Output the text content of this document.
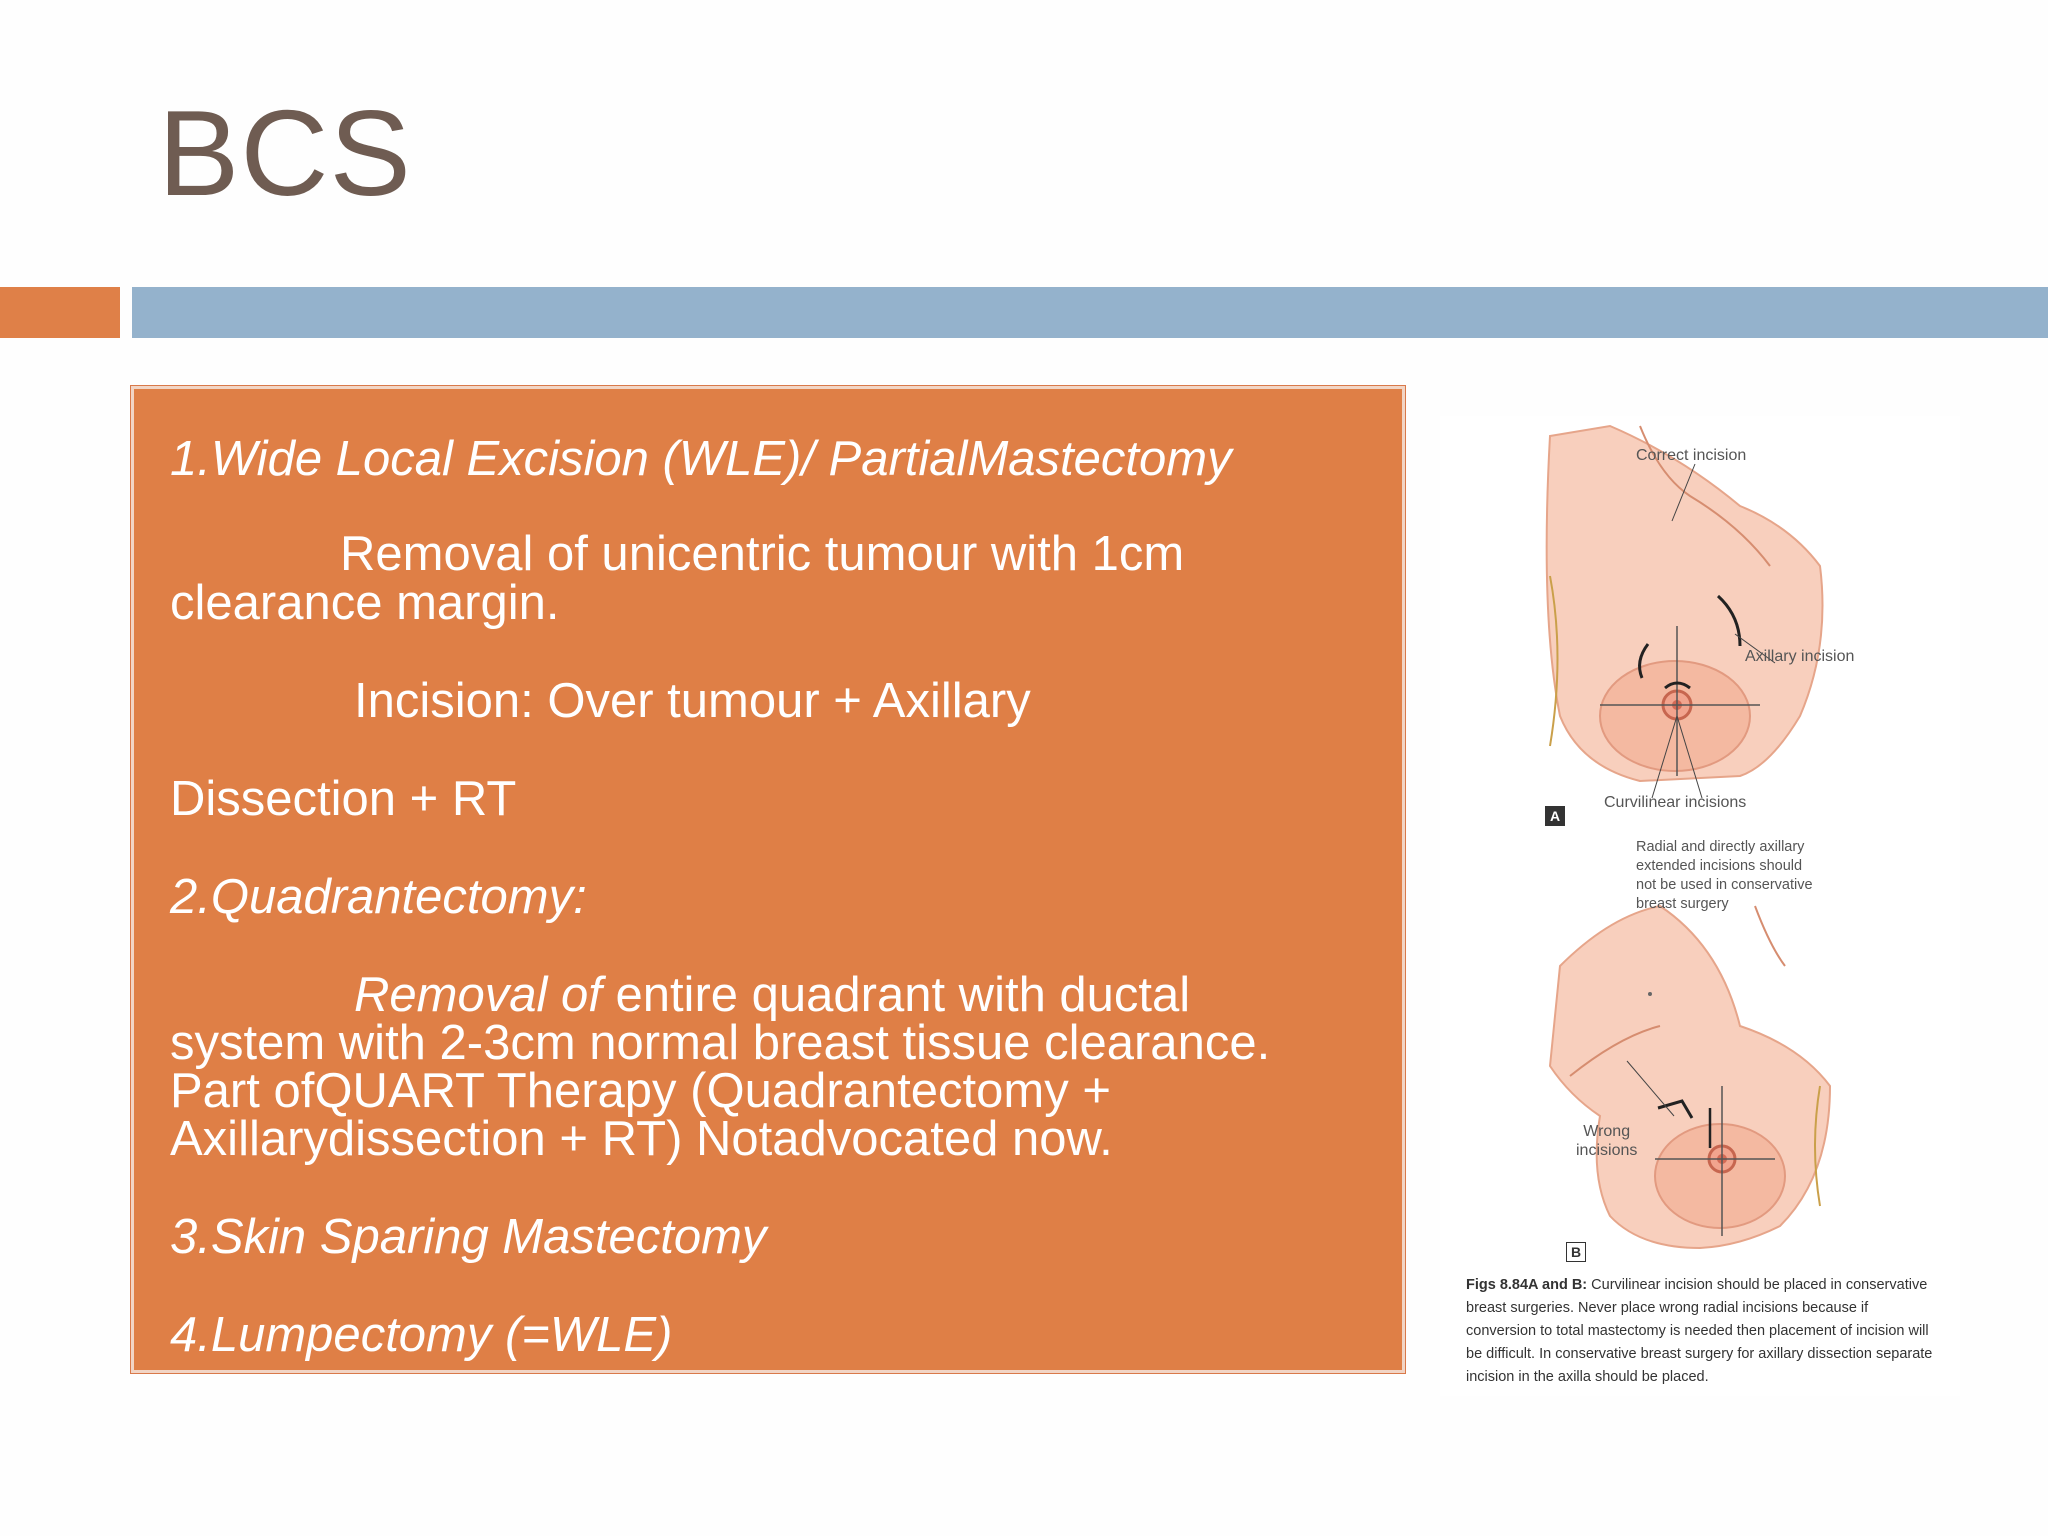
BCS
1.Wide Local Excision (WLE)/ PartialMastectomy
Removal of unicentric tumour with 1cm
clearance margin.
Incision: Over tumour + Axillary
Dissection + RT
2.Quadrantectomy:
Removal of entire quadrant with ductal
system with 2-3cm normal breast tissue clearance.
Part ofQUART Therapy (Quadrantectomy +
Axillarydissection + RT) Notadvocated now.
3.Skin Sparing Mastectomy
4.Lumpectomy (=WLE)
Correct incision
Axillary incision
Curvilinear incisions
A
Radial and directly axillary
extended incisions should
not be used in conservative
breast surgery
Wrong
incisions
B
Figs 8.84A and B: Curvilinear incision should be placed in conservative breast surgeries. Never place wrong radial incisions because if conversion to total mastectomy is needed then placement of incision will be difficult. In conservative breast surgery for axillary dissection separate incision in the axilla should be placed.
